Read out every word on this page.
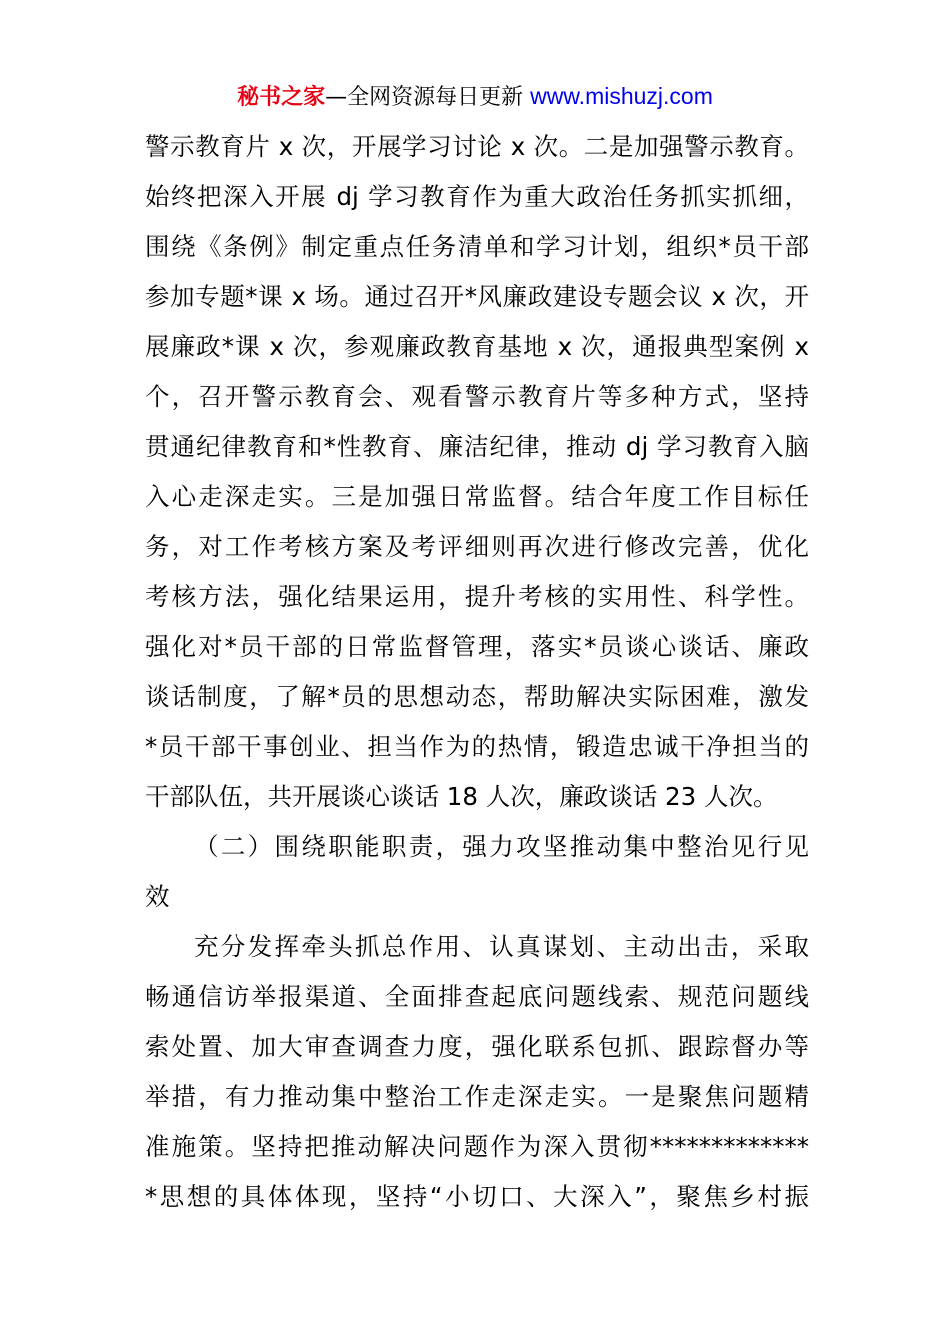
秘书之家—全网资源每日更新 www.mishuzj.com
警示教育片 x 次，开展学习讨论 x 次。二是加强警示教育。
始终把深入开展 dj 学习教育作为重大政治任务抓实抓细，
围绕《条例》制定重点任务清单和学习计划，组织*员干部
参加专题*课 x 场。通过召开*风廉政建设专题会议 x 次，开
展廉政*课 x 次，参观廉政教育基地 x 次，通报典型案例 x
个，召开警示教育会、观看警示教育片等多种方式，坚持
贯通纪律教育和*性教育、廉洁纪律，推动 dj 学习教育入脑
入心走深走实。三是加强日常监督。结合年度工作目标任
务，对工作考核方案及考评细则再次进行修改完善，优化
考核方法，强化结果运用，提升考核的实用性、科学性。
强化对*员干部的日常监督管理，落实*员谈心谈话、廉政
谈话制度，了解*员的思想动态，帮助解决实际困难，激发
*员干部干事创业、担当作为的热情，锻造忠诚干净担当的
干部队伍，共开展谈心谈话 18 人次，廉政谈话 23 人次。
（二）围绕职能职责，强力攻坚推动集中整治见行见
效
充分发挥牵头抓总作用、认真谋划、主动出击，采取
畅通信访举报渠道、全面排查起底问题线索、规范问题线
索处置、加大审查调查力度，强化联系包抓、跟踪督办等
举措，有力推动集中整治工作走深走实。一是聚焦问题精
准施策。坚持把推动解决问题作为深入贯彻*************
*思想的具体体现，坚持“小切口、大深入”，聚焦乡村振
